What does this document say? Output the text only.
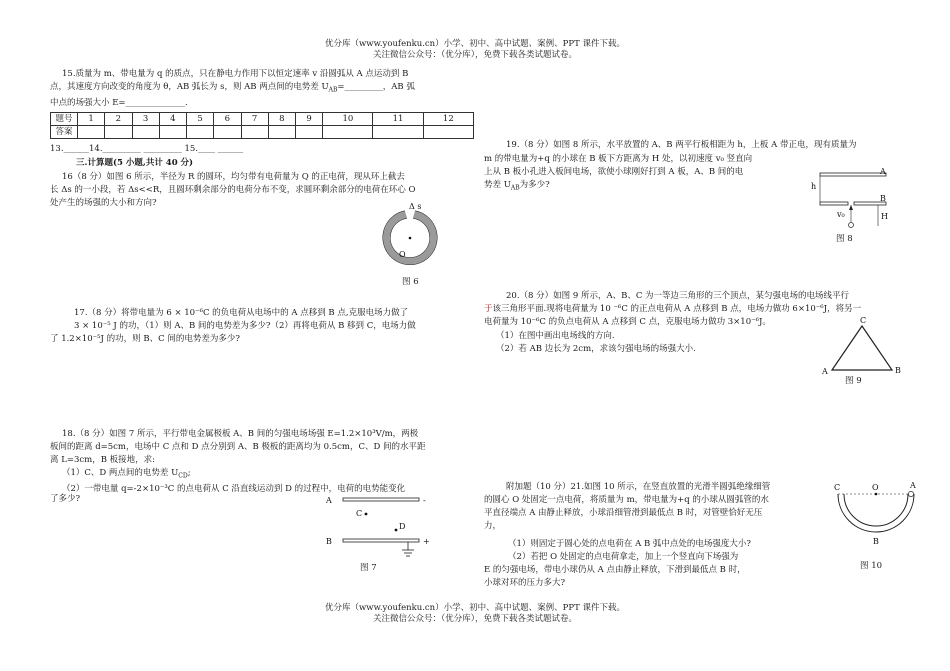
优分库（www.youfenku.cn）小学、初中、高中试题、案例、PPT 课件下载。
关注微信公众号：（优分库），免费下载各类试题试卷。

15.质量为 m、带电量为 q 的质点，只在静电力作用下以恒定速率 v 沿圆弧从 A 点运动到 B

点，其速度方向改变的角度为 θ，AB 弧长为 s，则 AB 两点间的电势差 $U_{AB}=\_\_\_\_\_\_\_\_\_$，AB 弧

中点的场强大小 E=______________.

题号	1	2	3	4	5	6	7	8	9	10	11	12
答案												
13.______14._________ _________ 15.____ ______
三.计算题(5 小题,共计 40 分)

16（8 分）如图 6 所示，半径为 R 的圆环，均匀带有电荷量为 Q 的正电荷，现从环上截去

长 Δs 的一小段，若 Δs<<R，且圆环剩余部分的电荷分布不变，求圆环剩余部分的电荷在环心 O

处产生的场强的大小和方向?	Δ s
O
图 6

17.（8 分）将带电量为 6 × 10⁻⁶C 的负电荷从电场中的 A 点移到 B 点,克服电场力做了

3 × 10⁻⁵ J 的功，（1）则 A、B 间的电势差为多少?（2）再将电荷从 B 移到 C，电场力做

了 1.2×10⁻⁵J 的功，则 B、C 间的电势差为多少?

18.（8 分）如图 7 所示，平行带电金属极板 A、B 间的匀强电场场强 E=1.2×10³V/m，两极

板间的距离 d=5cm，电场中 C 点和 D 点分别到 A、B 极板的距离均为 0.5cm，C、D 间的水平距

离 L=3cm，B 板接地，求:

（1）C、D 两点间的电势差 $U_{CD}$;

（2）一带电量 q=-2×10⁻³C 的点电荷从 C 沿直线运动到 D 的过程中，电荷的电势能变化

了多少?	A
B
C
D
-
+
图 7

19.（8 分）如图 8 所示，水平放置的 A、B 两平行板相距为 h，上板 A 带正电，现有质量为

m 的带电量为+q 的小球在 B 板下方距离为 H 处，以初速度 v₀ 竖直向

上从 B 板小孔进入板间电场，欲使小球刚好打到 A 板，A、B 间的电

势差 $U_{AB}$为多少?	h
A
B
H
v₀
图 8

20.（8 分）如图 9 所示，A、B、C 为一等边三角形的三个顶点，某匀强电场的电场线平行

于该三角形平面.现将电荷量为 10 ⁻⁶C 的正点电荷从 A 点移到 B 点，电场力做功 6×10⁻⁶J，将另一

电荷量为 10⁻⁶C 的负点电荷从 A 点移到 C 点，克服电场力做功 3×10⁻⁶J。

（1）在图中画出电场线的方向.

（2）若 AB 边长为 2cm，求该匀强电场的场强大小.

A
C
B
图 9

附加题（10 分）21.如图 10 所示，在竖直放置的光滑半圆弧绝缘细管

的圆心 O 处固定一点电荷，将质量为 m，带电量为+q 的小球从圆弧管的水

平直径端点 A 由静止释放，小球沿细管滑到最低点 B 时，对管壁恰好无压

力，

（1）则固定于圆心处的点电荷在 A B 弧中点处的电场强度大小?

（2）若把 O 处固定的点电荷拿走，加上一个竖直向下场强为

E 的匀强电场，带电小球仍从 A 点由静止释放，下滑到最低点 B 时，

小球对环的压力多大?

C	O	A
B
图 10
优分库（www.youfenku.cn）小学、初中、高中试题、案例、PPT 课件下载。
关注微信公众号：（优分库），免费下载各类试题试卷。
